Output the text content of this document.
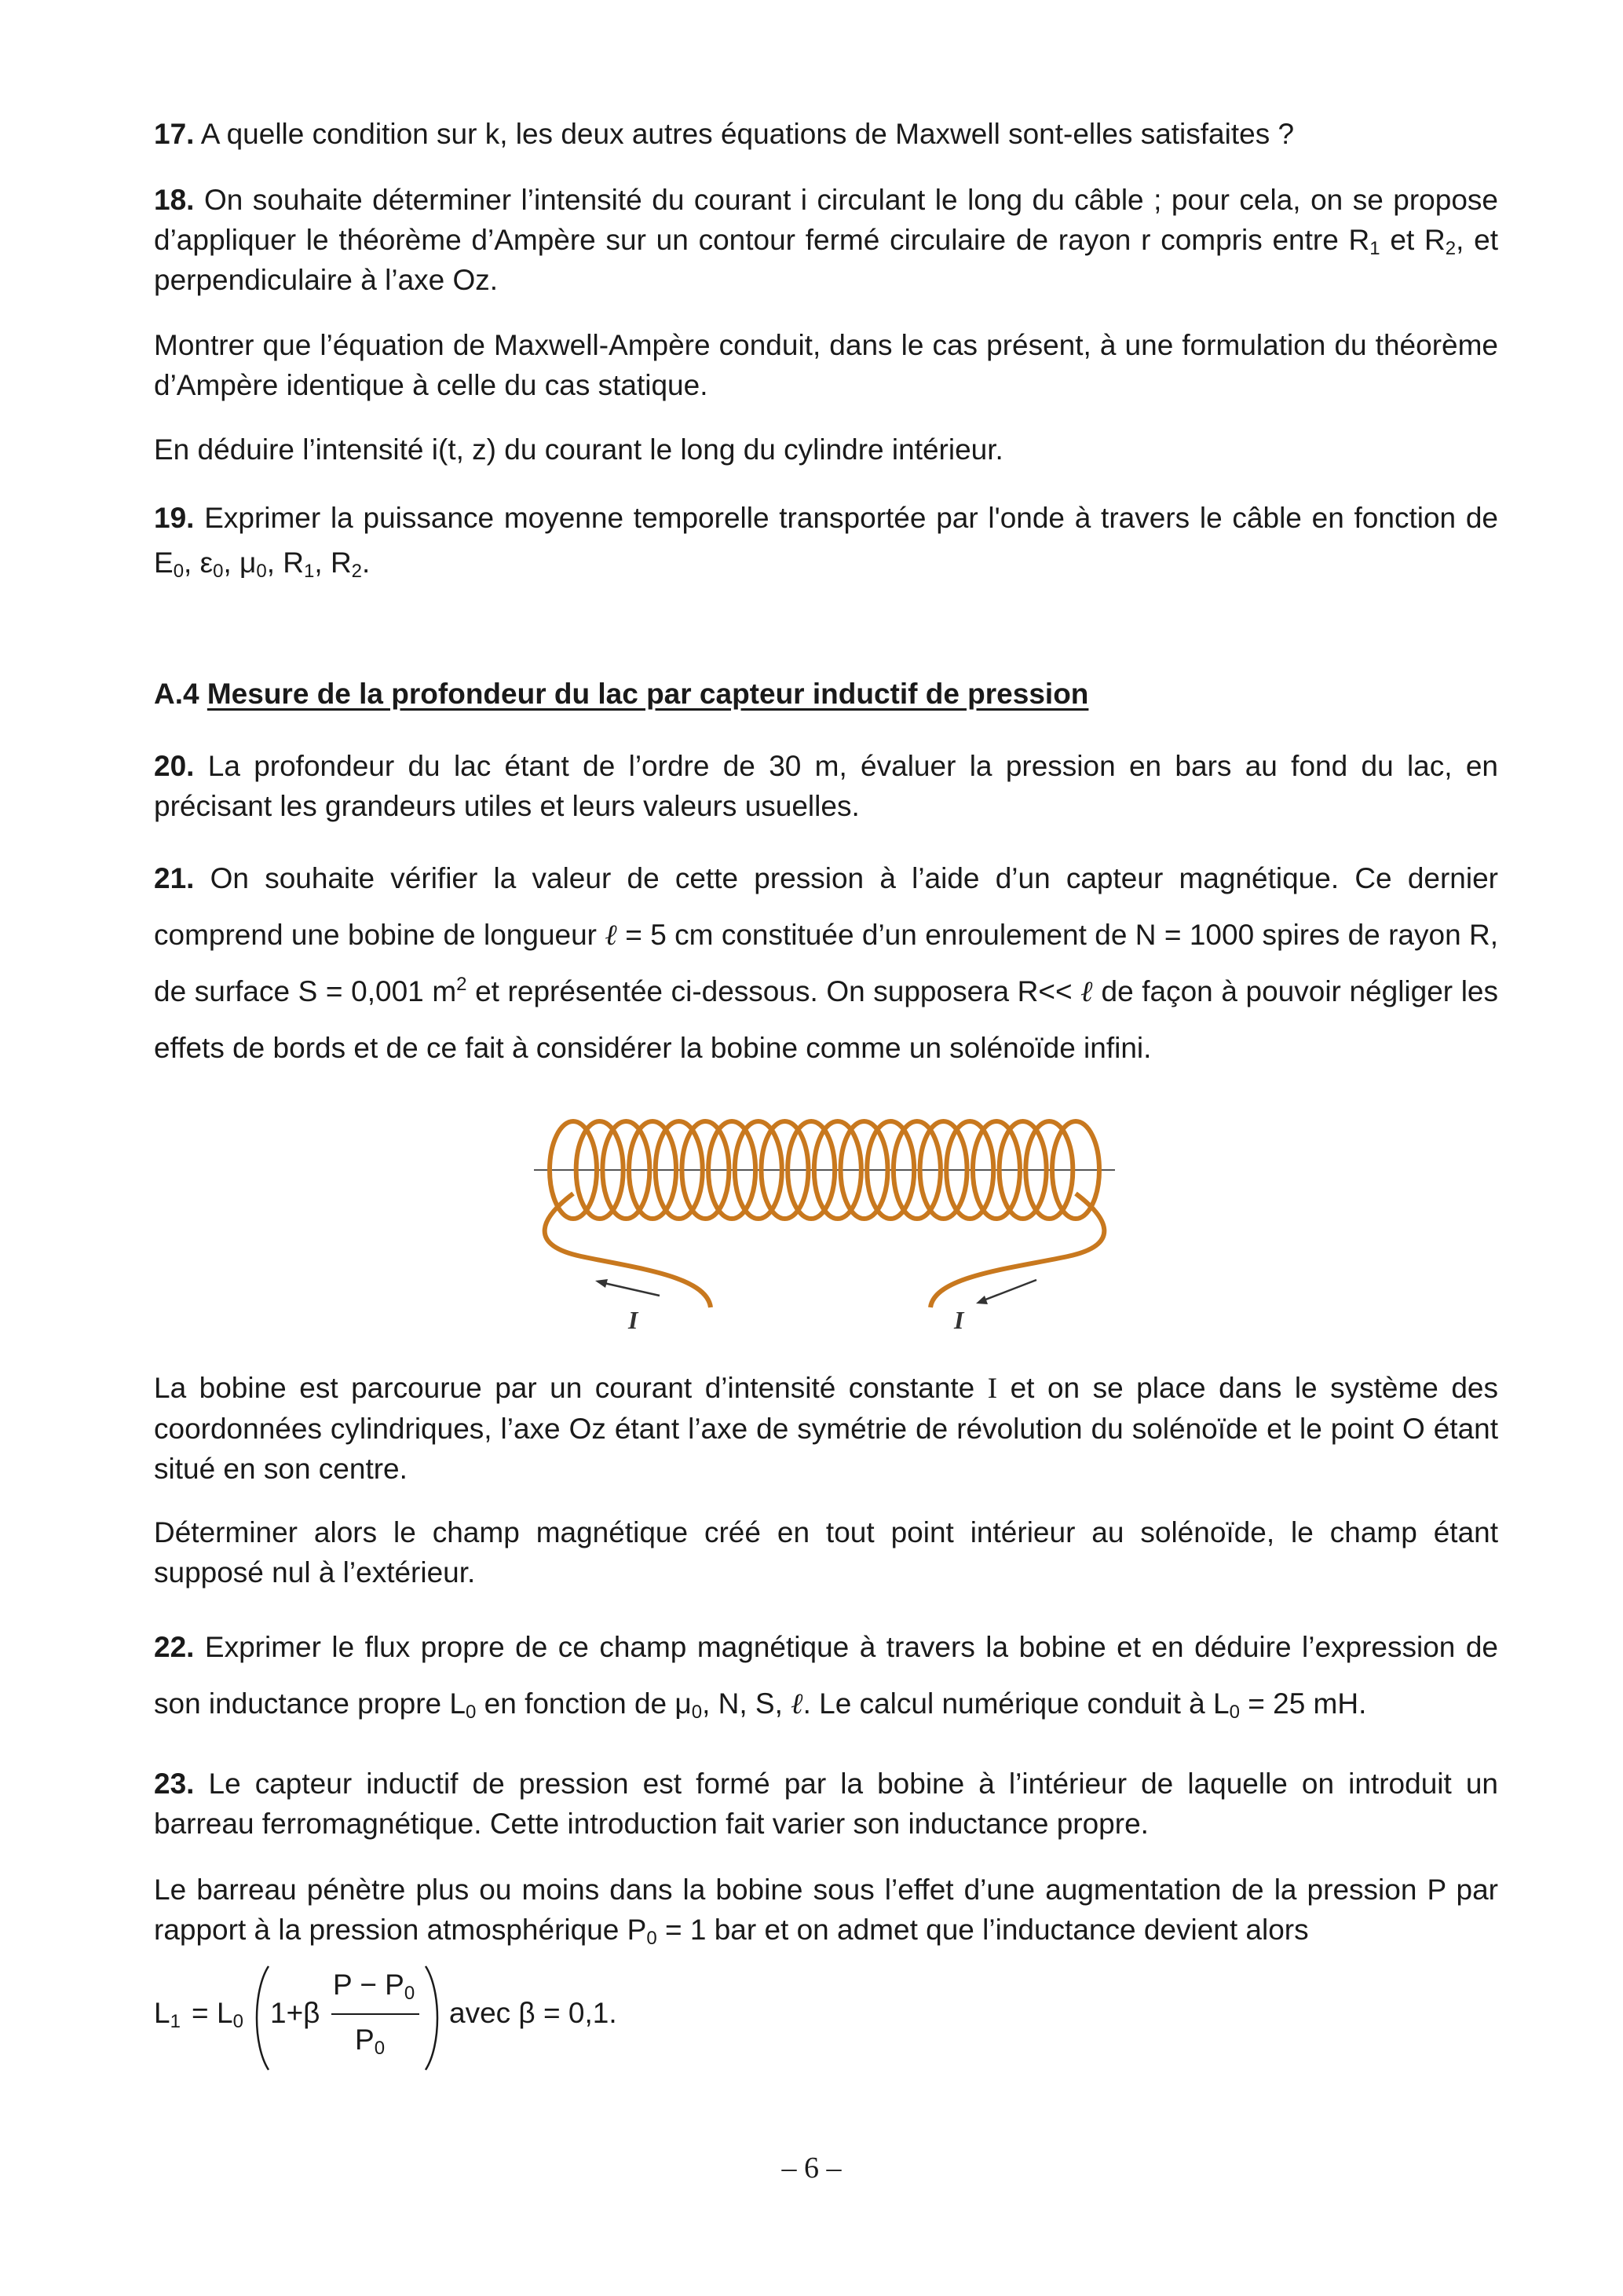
17. A quelle condition sur k, les deux autres équations de Maxwell sont-elles satisfaites ?

18. On souhaite déterminer l’intensité du courant i circulant le long du câble ; pour cela, on se propose d’appliquer le théorème d’Ampère sur un contour fermé circulaire de rayon r compris entre $R_1$ et $R_2$, et perpendiculaire à l’axe Oz.

Montrer que l’équation de Maxwell-Ampère conduit, dans le cas présent, à une formulation du théorème d’Ampère identique à celle du cas statique.

En déduire l’intensité i(t, z) du courant le long du cylindre intérieur.

19. Exprimer la puissance moyenne temporelle transportée par l'onde à travers le câble en fonction de $E_0$, $\varepsilon_0$, $\mu_0$, $R_1$, $R_2$.

A.4 Mesure de la profondeur du lac par capteur inductif de pression

20. La profondeur du lac étant de l’ordre de 30 m, évaluer la pression en bars au fond du lac, en précisant les grandeurs utiles et leurs valeurs usuelles.

21. On souhaite vérifier la valeur de cette pression à l’aide d’un capteur magnétique. Ce dernier comprend une bobine de longueur ℓ = 5 cm constituée d’un enroulement de N = 1000 spires de rayon R, de surface S = 0,001 $m^2$ et représentée ci-dessous. On supposera R<< ℓ de façon à pouvoir négliger les effets de bords et de ce fait à considérer la bobine comme un solénoïde infini.

I	I

La bobine est parcourue par un courant d’intensité constante I et on se place dans le système des coordonnées cylindriques, l’axe Oz étant l’axe de symétrie de révolution du solénoïde et le point O étant situé en son centre.

Déterminer alors le champ magnétique créé en tout point intérieur au solénoïde, le champ étant supposé nul à l’extérieur.

22. Exprimer le flux propre de ce champ magnétique à travers la bobine et en déduire l’expression de son inductance propre $L_0$ en fonction de $\mu_0$, N, S, ℓ. Le calcul numérique conduit à $L_0 = 25$ mH.

23. Le capteur inductif de pression est formé par la bobine à l’intérieur de laquelle on introduit un barreau ferromagnétique. Cette introduction fait varier son inductance propre.

Le barreau pénètre plus ou moins dans la bobine sous l’effet d’une augmentation de la pression P par rapport à la pression atmosphérique $P_0 = 1$ bar et on admet que l’inductance devient alors

$L_1 = L_0$ 1+β
$P - P_0$
$P_0$
avec β = 0,1.
– 6 –
